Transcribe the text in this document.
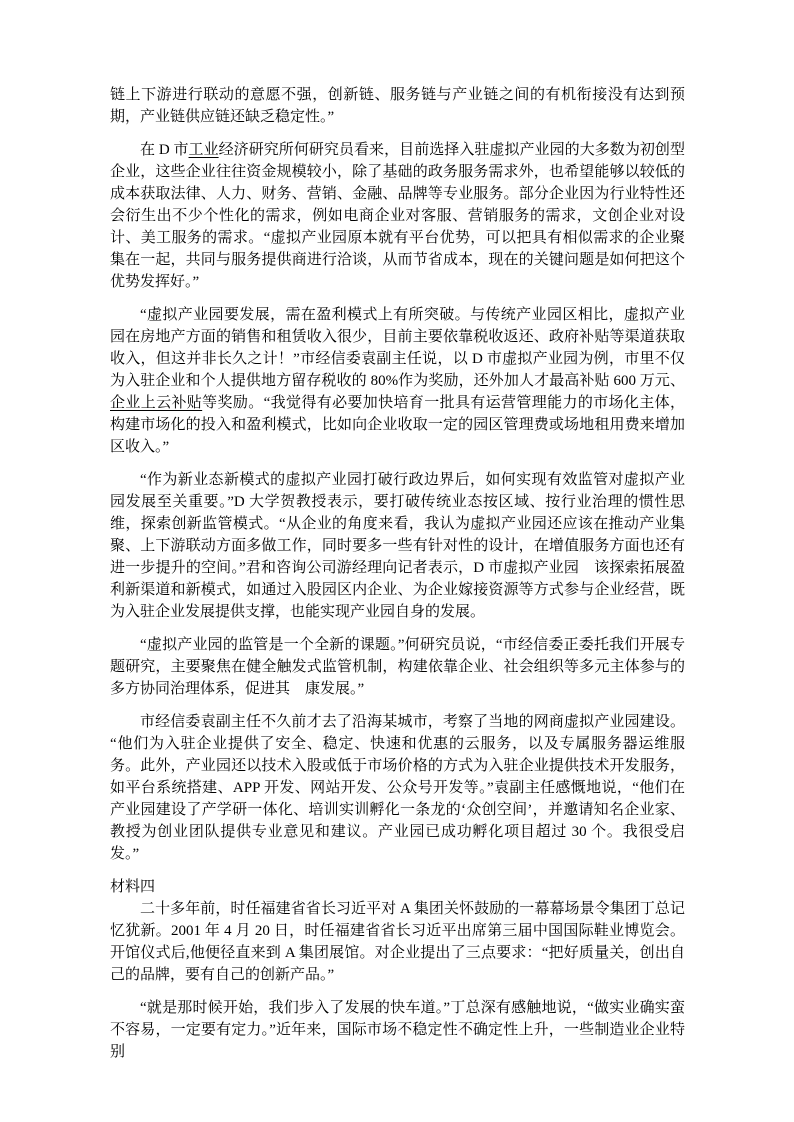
链上下游进行联动的意愿不强，创新链、服务链与产业链之间的有机衔接没有达到预期，产业链供应链还缺乏稳定性。”

在 D 市工业经济研究所何研究员看来，目前选择入驻虚拟产业园的大多数为初创型企业，这些企业往往资金规模较小，除了基础的政务服务需求外，也希望能够以较低的成本获取法律、人力、财务、营销、金融、品牌等专业服务。部分企业因为行业特性还会衍生出不少个性化的需求，例如电商企业对客服、营销服务的需求，文创企业对设计、美工服务的需求。“虚拟产业园原本就有平台优势，可以把具有相似需求的企业聚集在一起，共同与服务提供商进行洽谈，从而节省成本，现在的关键问题是如何把这个优势发挥好。”

“虚拟产业园要发展，需在盈利模式上有所突破。与传统产业园区相比，虚拟产业园在房地产方面的销售和租赁收入很少，目前主要依靠税收返还、政府补贴等渠道获取收入，但这并非长久之计！”市经信委袁副主任说，以 D 市虚拟产业园为例，市里不仅为入驻企业和个人提供地方留存税收的 80%作为奖励，还外加人才最高补贴 600 万元、企业上云补贴等奖励。“我觉得有必要加快培育一批具有运营管理能力的市场化主体，构建市场化的投入和盈利模式，比如向企业收取一定的园区管理费或场地租用费来增加　区收入。”

“作为新业态新模式的虚拟产业园打破行政边界后，如何实现有效监管对虚拟产业园发展至关重要。”D 大学贺教授表示，要打破传统业态按区域、按行业治理的惯性思维，探索创新监管模式。“从企业的角度来看，我认为虚拟产业园还应该在推动产业集聚、上下游联动方面多做工作，同时要多一些有针对性的设计，在增值服务方面也还有进一步提升的空间。”君和咨询公司游经理向记者表示，D 市虚拟产业园　该探索拓展盈利新渠道和新模式，如通过入股园区内企业、为企业嫁接资源等方式参与企业经营，既为入驻企业发展提供支撑，也能实现产业园自身的发展。

“虚拟产业园的监管是一个全新的课题。”何研究员说，“市经信委正委托我们开展专题研究，主要聚焦在健全触发式监管机制，构建依靠企业、社会组织等多元主体参与的多方协同治理体系，促进其　康发展。”

市经信委袁副主任不久前才去了沿海某城市，考察了当地的网商虚拟产业园建设。“他们为入驻企业提供了安全、稳定、快速和优惠的云服务，以及专属服务器运维服务。此外，产业园还以技术入股或低于市场价格的方式为入驻企业提供技术开发服务，如平台系统搭建、APP 开发、网站开发、公众号开发等。”袁副主任感慨地说，“他们在产业园建设了产学研一体化、培训实训孵化一条龙的‘众创空间’，并邀请知名企业家、教授为创业团队提供专业意见和建议。产业园已成功孵化项目超过 30 个。我很受启发。”

材料四

二十多年前，时任福建省省长习近平对 A 集团关怀鼓励的一幕幕场景令集团丁总记忆犹新。2001 年 4 月 20 日，时任福建省省长习近平出席第三届中国国际鞋业博览会。开馆仪式后,他便径直来到 A 集团展馆。对企业提出了三点要求：“把好质量关，创出自己的品牌，要有自己的创新产品。”

“就是那时候开始，我们步入了发展的快车道。”丁总深有感触地说，“做实业确实蛮不容易，一定要有定力。”近年来，国际市场不稳定性不确定性上升，一些制造业企业特别
